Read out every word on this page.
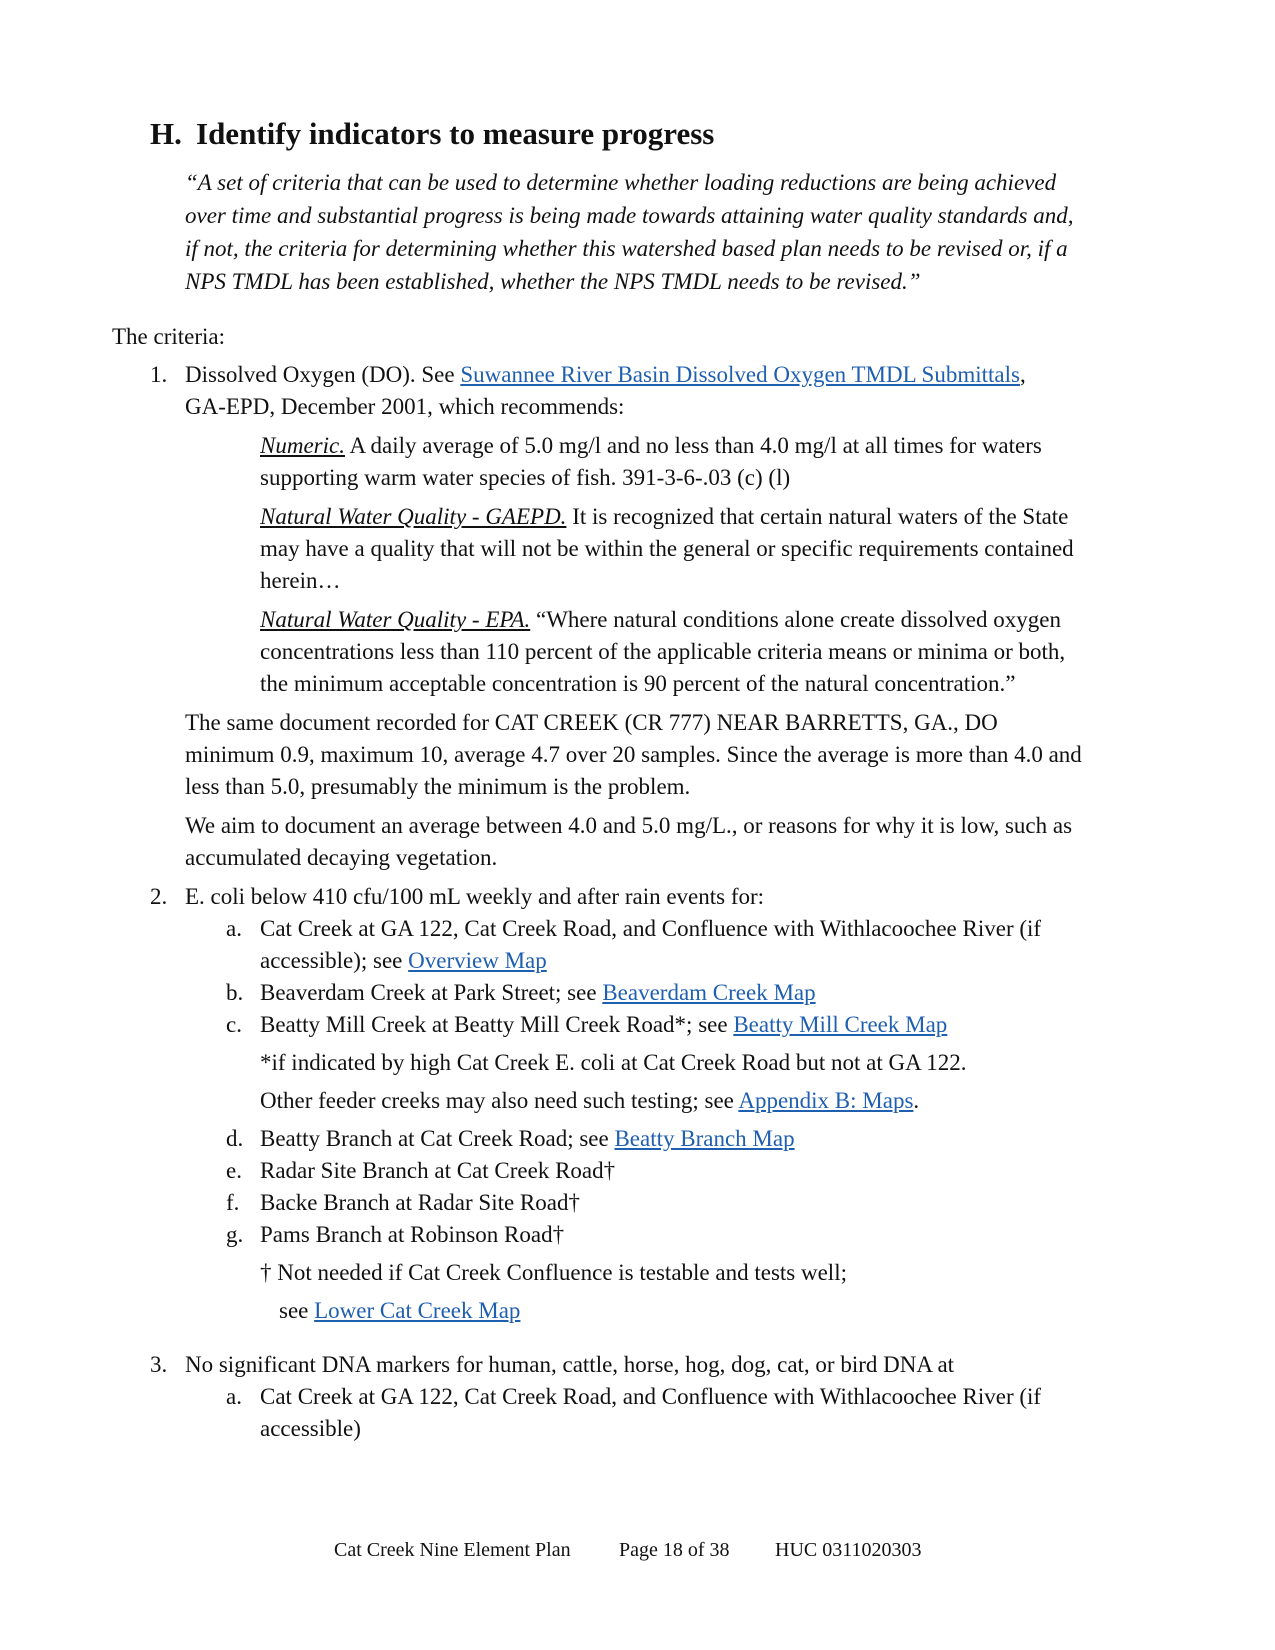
H. Identify indicators to measure progress
“A set of criteria that can be used to determine whether loading reductions are being achieved
over time and substantial progress is being made towards attaining water quality standards and,
if not, the criteria for determining whether this watershed based plan needs to be revised or, if a
NPS TMDL has been established, whether the NPS TMDL needs to be revised.”
The criteria:
1. Dissolved Oxygen (DO). See Suwannee River Basin Dissolved Oxygen TMDL Submittals,
GA-EPD, December 2001, which recommends:
Numeric. A daily average of 5.0 mg/l and no less than 4.0 mg/l at all times for waters
supporting warm water species of fish. 391-3-6-.03 (c) (l)
Natural Water Quality - GAEPD. It is recognized that certain natural waters of the State
may have a quality that will not be within the general or specific requirements contained
herein…
Natural Water Quality - EPA. “Where natural conditions alone create dissolved oxygen
concentrations less than 110 percent of the applicable criteria means or minima or both,
the minimum acceptable concentration is 90 percent of the natural concentration.”
The same document recorded for CAT CREEK (CR 777) NEAR BARRETTS, GA., DO
minimum 0.9, maximum 10, average 4.7 over 20 samples. Since the average is more than 4.0 and
less than 5.0, presumably the minimum is the problem.
We aim to document an average between 4.0 and 5.0 mg/L., or reasons for why it is low, such as
accumulated decaying vegetation.
2. E. coli below 410 cfu/100 mL weekly and after rain events for:
a. Cat Creek at GA 122, Cat Creek Road, and Confluence with Withlacoochee River (if
accessible); see Overview Map
b. Beaverdam Creek at Park Street; see Beaverdam Creek Map
c. Beatty Mill Creek at Beatty Mill Creek Road*; see Beatty Mill Creek Map
*if indicated by high Cat Creek E. coli at Cat Creek Road but not at GA 122.
Other feeder creeks may also need such testing; see Appendix B: Maps.
d. Beatty Branch at Cat Creek Road; see Beatty Branch Map
e. Radar Site Branch at Cat Creek Road†
f. Backe Branch at Radar Site Road†
g. Pams Branch at Robinson Road†
† Not needed if Cat Creek Confluence is testable and tests well;
see Lower Cat Creek Map
3. No significant DNA markers for human, cattle, horse, hog, dog, cat, or bird DNA at
a. Cat Creek at GA 122, Cat Creek Road, and Confluence with Withlacoochee River (if
accessible)
Cat Creek Nine Element Plan Page 18 of 38 HUC 0311020303
